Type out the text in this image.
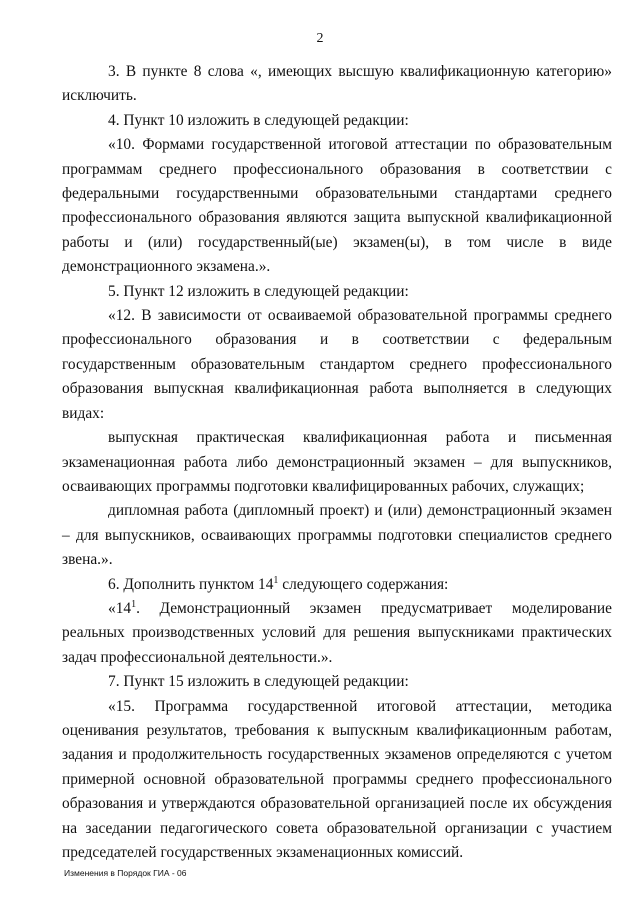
2

3. В пункте 8 слова «, имеющих высшую квалификационную категорию» исключить.

4. Пункт 10 изложить в следующей редакции:

«10. Формами государственной итоговой аттестации по образовательным программам среднего профессионального образования в соответствии с федеральными государственными образовательными стандартами среднего профессионального образования являются защита выпускной квалификационной работы и (или) государственный(ые) экзамен(ы), в том числе в виде демонстрационного экзамена.».

5. Пункт 12 изложить в следующей редакции:

«12. В зависимости от осваиваемой образовательной программы среднего профессионального образования и в соответствии с федеральным государственным образовательным стандартом среднего профессионального образования выпускная квалификационная работа выполняется в следующих видах:

выпускная практическая квалификационная работа и письменная экзаменационная работа либо демонстрационный экзамен – для выпускников, осваивающих программы подготовки квалифицированных рабочих, служащих;

дипломная работа (дипломный проект) и (или) демонстрационный экзамен – для выпускников, осваивающих программы подготовки специалистов среднего звена.».

6. Дополнить пунктом $14^1$ следующего содержания:

«$14^1$. Демонстрационный экзамен предусматривает моделирование реальных производственных условий для решения выпускниками практических задач профессиональной деятельности.».

7. Пункт 15 изложить в следующей редакции:

«15. Программа государственной итоговой аттестации, методика оценивания результатов, требования к выпускным квалификационным работам, задания и продолжительность государственных экзаменов определяются с учетом примерной основной образовательной программы среднего профессионального образования и утверждаются образовательной организацией после их обсуждения на заседании педагогического совета образовательной организации с участием председателей государственных экзаменационных комиссий.

Изменения в Порядок ГИА - 06
